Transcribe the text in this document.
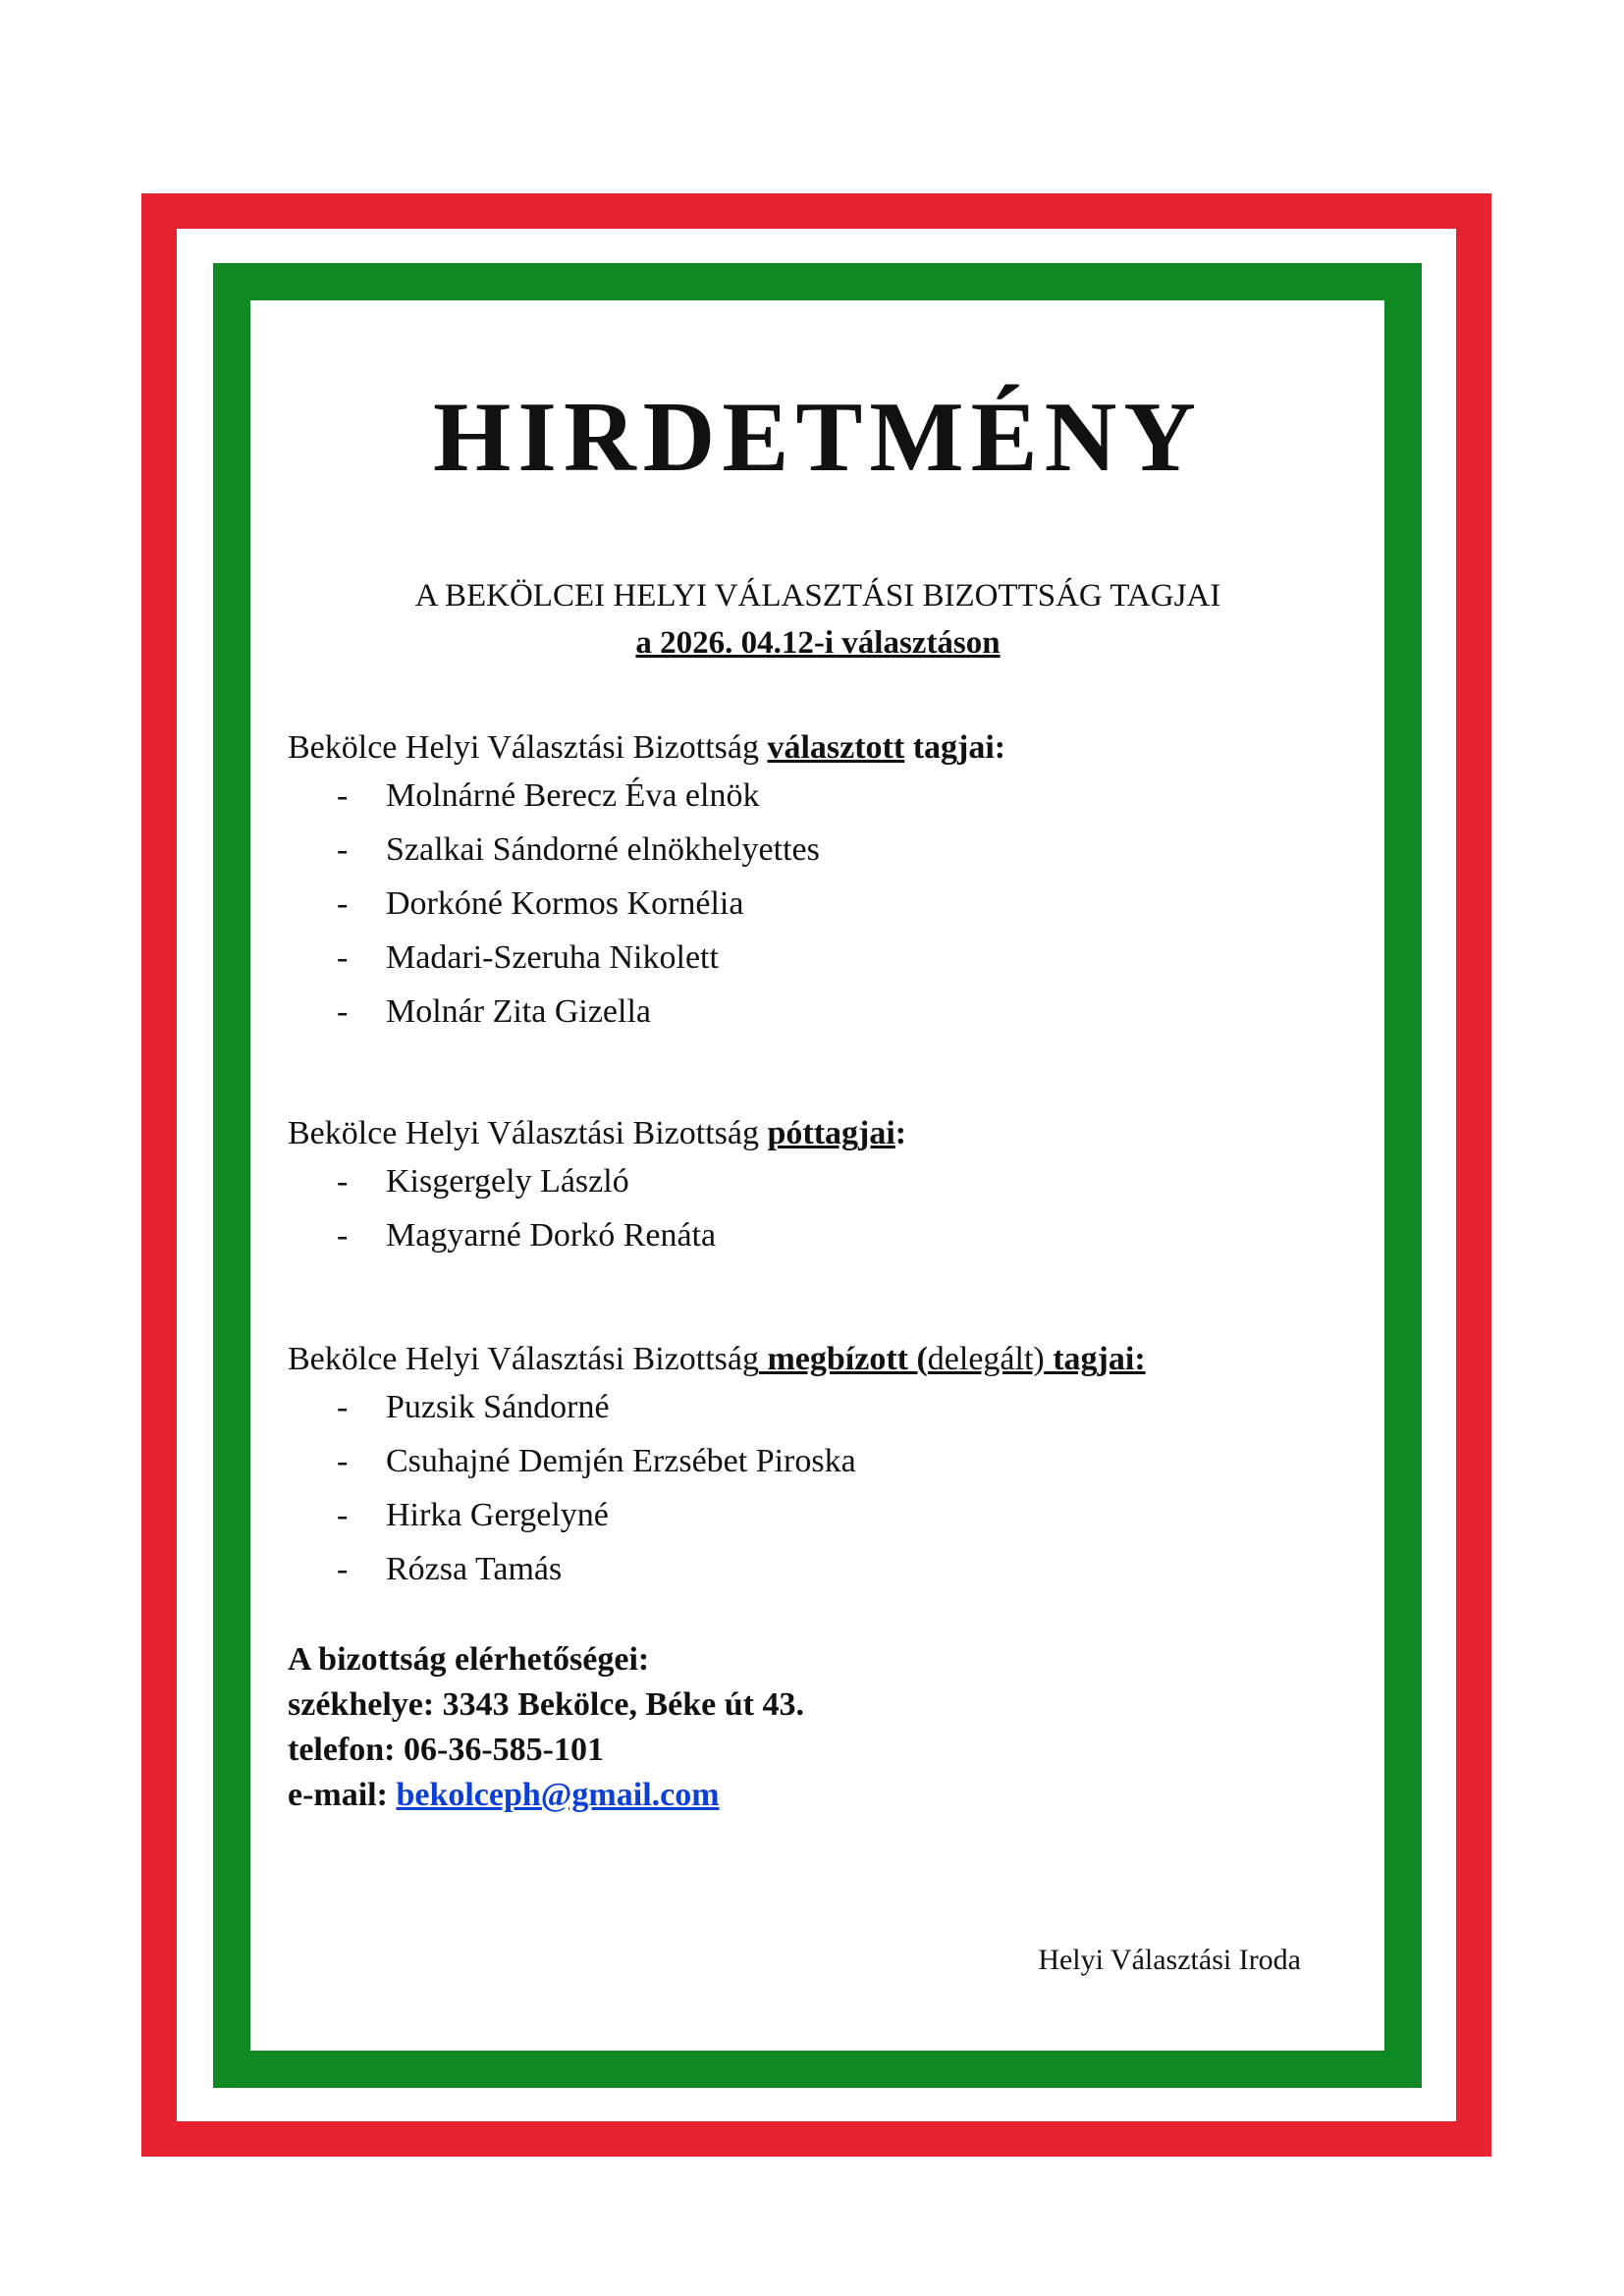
HIRDETMÉNY
A BEKÖLCEI HELYI VÁLASZTÁSI BIZOTTSÁG TAGJAI
a 2026. 04.12-i választáson
Bekölce Helyi Választási Bizottság választott tagjai:
- Molnárné Berecz Éva elnök
- Szalkai Sándorné elnökhelyettes
- Dorkóné Kormos Kornélia
- Madari-Szeruha Nikolett
- Molnár Zita Gizella
Bekölce Helyi Választási Bizottság póttagjai:
- Kisgergely László
- Magyarné Dorkó Renáta
Bekölce Helyi Választási Bizottság megbízott (delegált) tagjai:
- Puzsik Sándorné
- Csuhajné Demjén Erzsébet Piroska
- Hirka Gergelyné
- Rózsa Tamás
A bizottság elérhetőségei:
székhelye: 3343 Bekölce, Béke út 43.
telefon: 06-36-585-101
e-mail: bekolceph@gmail.com
Helyi Választási Iroda
